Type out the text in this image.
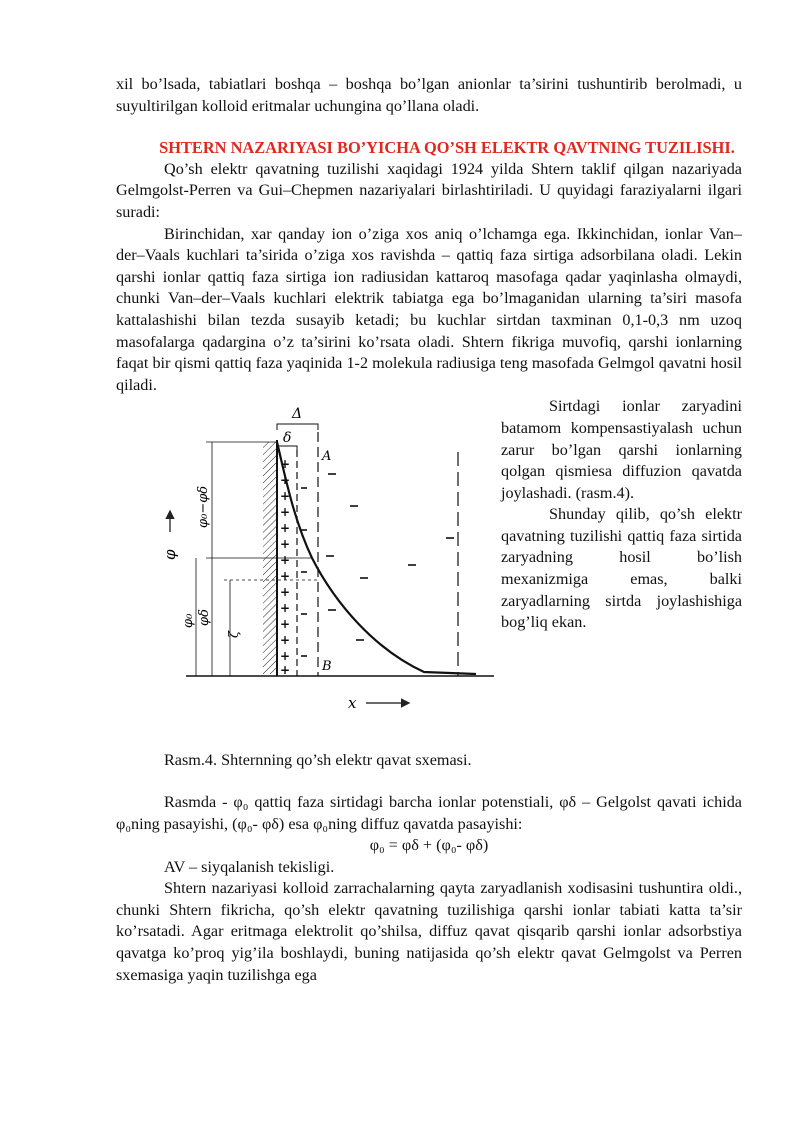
xil bo’lsada, tabiatlari boshqa – boshqa bo’lgan anionlar ta’sirini tushuntirib berolmadi, u suyultirilgan kolloid eritmalar uchungina qo’llana oladi.

SHTERN NAZARIYASI BO’YICHA QO’SH ELEKTR QAVTNING TUZILISHI.

Qo’sh elektr qavatning tuzilishi xaqidagi 1924 yilda Shtern taklif qilgan nazariyada Gelmgolst-Perren va Gui–Chepmen nazariyalari birlashtiriladi. U quyidagi faraziyalarni ilgari suradi:

Birinchidan, xar qanday ion o’ziga xos aniq o’lchamga ega. Ikkinchidan, ionlar Van–der–Vaals kuchlari ta’sirida o’ziga xos ravishda – qattiq faza sirtiga adsorbilana oladi. Lekin qarshi ionlar qattiq faza sirtiga ion radiusidan kattaroq masofaga qadar yaqinlasha olmaydi, chunki Van–der–Vaals kuchlari elektrik tabiatga ega bo’lmaganidan ularning ta’siri masofa kattalashishi bilan tezda susayib ketadi; bu kuchlar sirtdan taxminan 0,1-0,3 nm uzoq masofalarga qadargina o’z ta’sirini ko’rsata oladi. Shtern fikriga muvofiq, qarshi ionlarning faqat bir qismi qattiq faza yaqinida 1-2 molekula radiusiga teng masofada Gelmgol qavatni hosil qiladi.

Δ
δ
A
B
+
+
+
+
+
+
+
+
+
+
+
+
+
+
φ₀−φδ
φ₀ φδ
ζ
φ

Sirtdagi ionlar zaryadini batamom kompensastiyalash uchun zarur bo’lgan qarshi ionlarning qolgan qismiesa diffuzion qavatda joylashadi. (rasm.4).

Shunday qilib, qo’sh elektr qavatning tuzilishi qattiq faza sirtida zaryadning hosil bo’lish mexanizmiga emas, balki zaryadlarning sirtda joylashishiga bog’liq ekan.

x

Rasm.4. Shternning qo’sh elektr qavat sxemasi.

Rasmda - φ₀ qattiq faza sirtidagi barcha ionlar potenstiali, φδ – Gelgolst qavati ichida φ₀ning pasayishi, (φ₀- φδ) esa φ₀ning diffuz qavatda pasayishi:

φ₀ = φδ + (φ₀- φδ)

AV – siyqalanish tekisligi.

Shtern nazariyasi kolloid zarrachalarning qayta zaryadlanish xodisasini tushuntira oldi., chunki Shtern fikricha, qo’sh elektr qavatning tuzilishiga qarshi ionlar tabiati katta ta’sir ko’rsatadi. Agar eritmaga elektrolit qo’shilsa, diffuz qavat qisqarib qarshi ionlar adsorbstiya qavatga ko’proq yig’ila boshlaydi, buning natijasida qo’sh elektr qavat Gelmgolst va Perren sxemasiga yaqin tuzilishga ega
